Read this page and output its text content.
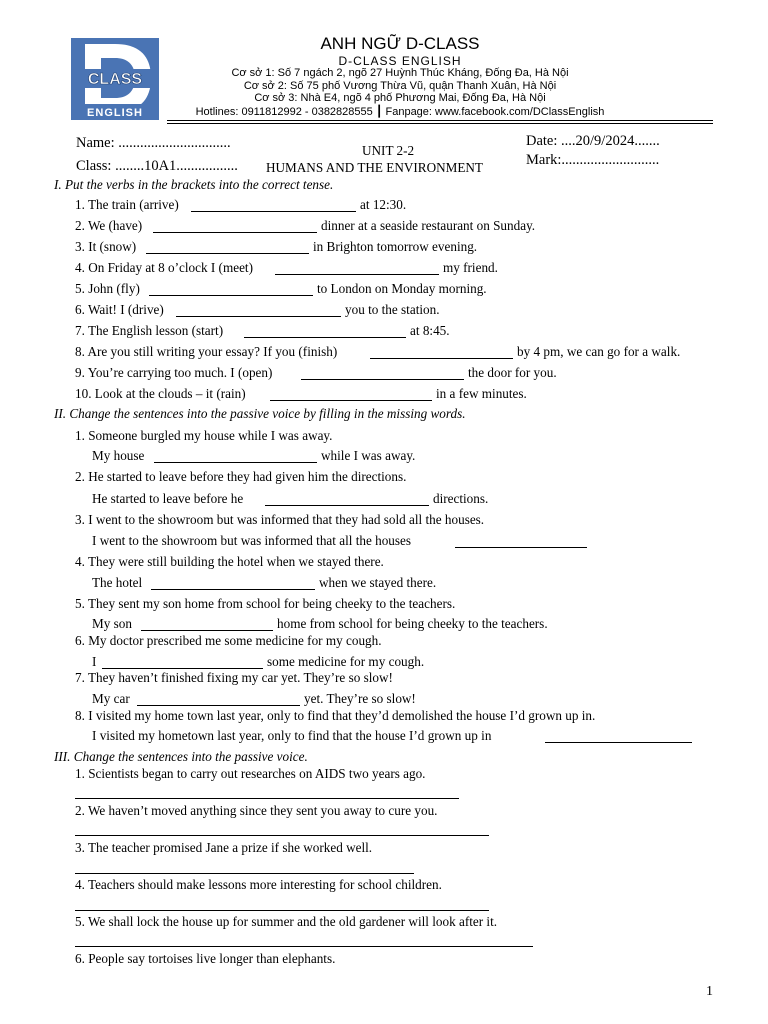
CLASS
ENGLISH
ANH NGỮ D-CLASS
D-CLASS ENGLISH
Cơ sở 1: Số 7 ngách 2, ngõ 27 Huỳnh Thúc Kháng, Đống Đa, Hà Nội
Cơ sở 2: Số 75 phố Vương Thừa Vũ, quận Thanh Xuân, Hà Nội
Cơ sở 3: Nhà E4, ngõ 4 phố Phương Mai, Đống Đa, Hà Nội
Hotlines: 0911812992 - 0382828555 ┃ Fanpage: www.facebook.com/DClassEnglish
Name: ...............................	UNIT 2-2
Date: ....20/9/2024.......
Class: ........10A1................. HUMANS AND THE ENVIRONMENT	Mark:...........................
I. Put the verbs in the brackets into the correct tense.
1. The train (arrive)	at 12:30.
2. We (have)	dinner at a seaside restaurant on Sunday.
3. It (snow)	in Brighton tomorrow evening.
4. On Friday at 8 o’clock I (meet)	my friend.
5. John (fly)	to London on Monday morning.
6. Wait! I (drive)	you to the station.
7. The English lesson (start)	at 8:45.
8. Are you still writing your essay? If you (finish)	by 4 pm, we can go for a walk.
9. You’re carrying too much. I (open)	the door for you.
10. Look at the clouds – it (rain)	in a few minutes.
II. Change the sentences into the passive voice by filling in the missing words.
1. Someone burgled my house while I was away.
My house	while I was away.
2. He started to leave before they had given him the directions.
He started to leave before he	directions.
3. I went to the showroom but was informed that they had sold all the houses.
I went to the showroom but was informed that all the houses
4. They were still building the hotel when we stayed there.
The hotel	when we stayed there.
5. They sent my son home from school for being cheeky to the teachers.
My son	home from school for being cheeky to the teachers.
6. My doctor prescribed me some medicine for my cough.
I	some medicine for my cough.
7. They haven’t finished fixing my car yet. They’re so slow!
My car	yet. They’re so slow!
8. I visited my home town last year, only to find that they’d demolished the house I’d grown up in.
I visited my hometown last year, only to find that the house I’d grown up in
III. Change the sentences into the passive voice.
1. Scientists began to carry out researches on AIDS two years ago.
2. We haven’t moved anything since they sent you away to cure you.
3. The teacher promised Jane a prize if she worked well.
4. Teachers should make lessons more interesting for school children.
5. We shall lock the house up for summer and the old gardener will look after it.
6. People say tortoises live longer than elephants.
1
